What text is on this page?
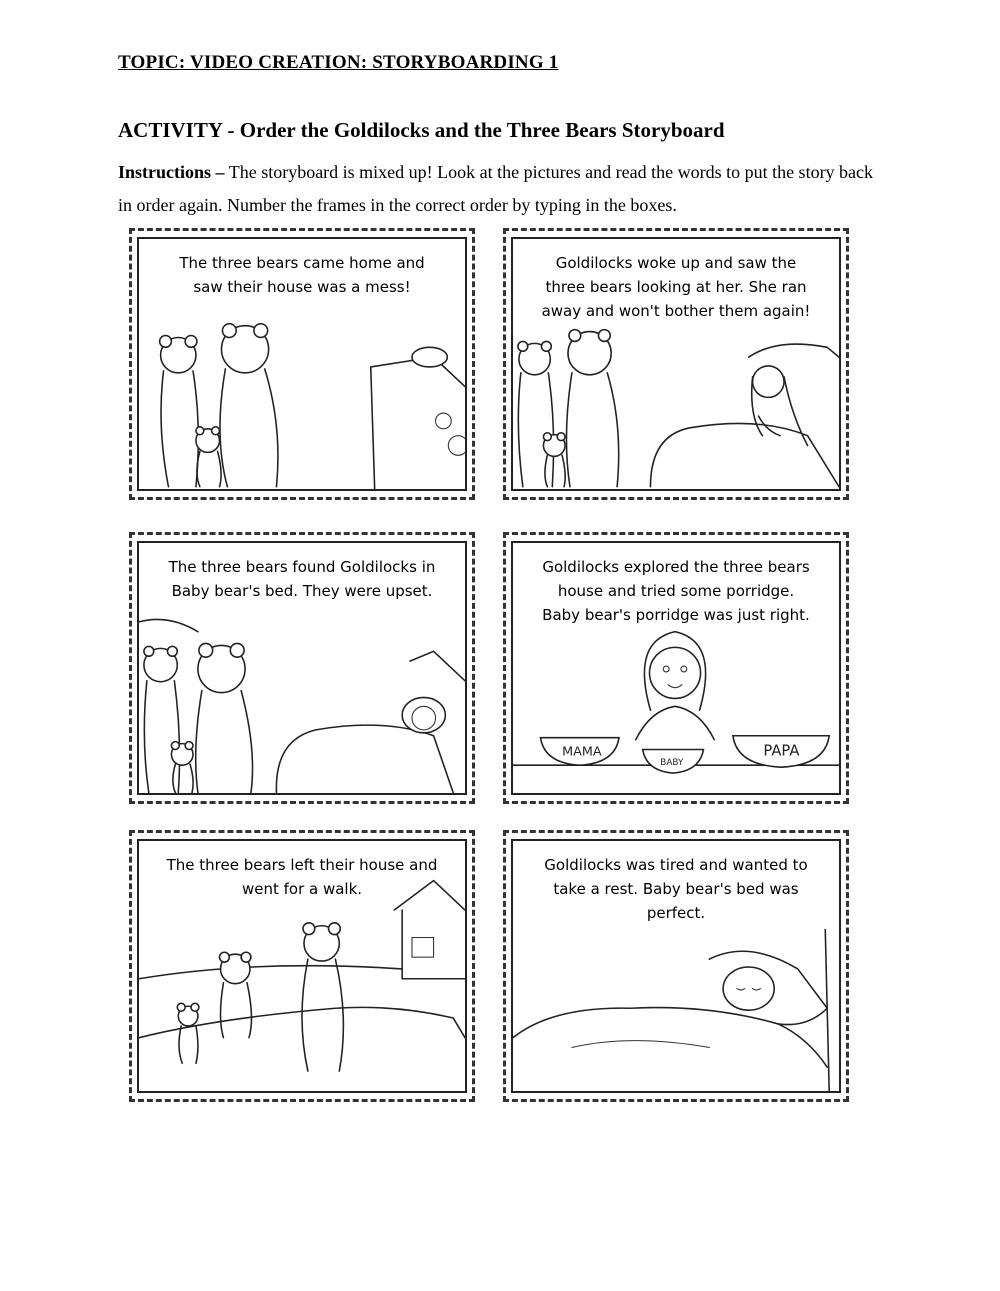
TOPIC: VIDEO CREATION: STORYBOARDING 1
ACTIVITY - Order the Goldilocks and the Three Bears Storyboard
Instructions – The storyboard is mixed up! Look at the pictures and read the words to put the story back in order again. Number the frames in the correct order by typing in the boxes.
The three bears came home and
saw their house was a mess!
Goldilocks woke up and saw the
three bears looking at her. She ran
away and won't bother them again!
The three bears found Goldilocks in
Baby bear's bed. They were upset.
Goldilocks explored the three bears
house and tried some porridge.
Baby bear's porridge was just right.
MAMA
BABY
PAPA
The three bears left their house and
went for a walk.
Goldilocks was tired and wanted to
take a rest. Baby bear's bed was
perfect.
